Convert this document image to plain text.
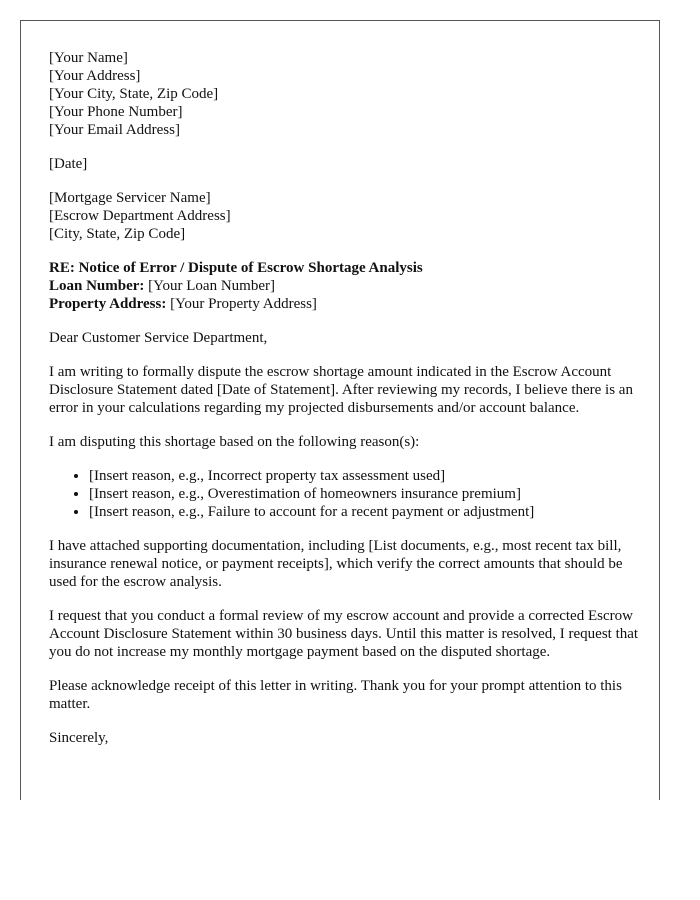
[Your Name]
[Your Address]
[Your City, State, Zip Code]
[Your Phone Number]
[Your Email Address]
[Date]
[Mortgage Servicer Name]
[Escrow Department Address]
[City, State, Zip Code]
RE: Notice of Error / Dispute of Escrow Shortage Analysis
Loan Number: [Your Loan Number]
Property Address: [Your Property Address]

Dear Customer Service Department,

I am writing to formally dispute the escrow shortage amount indicated in the Escrow Account Disclosure Statement dated [Date of Statement]. After reviewing my records, I believe there is an error in your calculations regarding my projected disbursements and/or account balance.

I am disputing this shortage based on the following reason(s):

• [Insert reason, e.g., Incorrect property tax assessment used]
• [Insert reason, e.g., Overestimation of homeowners insurance premium]
• [Insert reason, e.g., Failure to account for a recent payment or adjustment]

I have attached supporting documentation, including [List documents, e.g., most recent tax bill, insurance renewal notice, or payment receipts], which verify the correct amounts that should be used for the escrow analysis.

I request that you conduct a formal review of my escrow account and provide a corrected Escrow Account Disclosure Statement within 30 business days. Until this matter is resolved, I request that you do not increase my monthly mortgage payment based on the disputed shortage.

Please acknowledge receipt of this letter in writing. Thank you for your prompt attention to this matter.

Sincerely,
